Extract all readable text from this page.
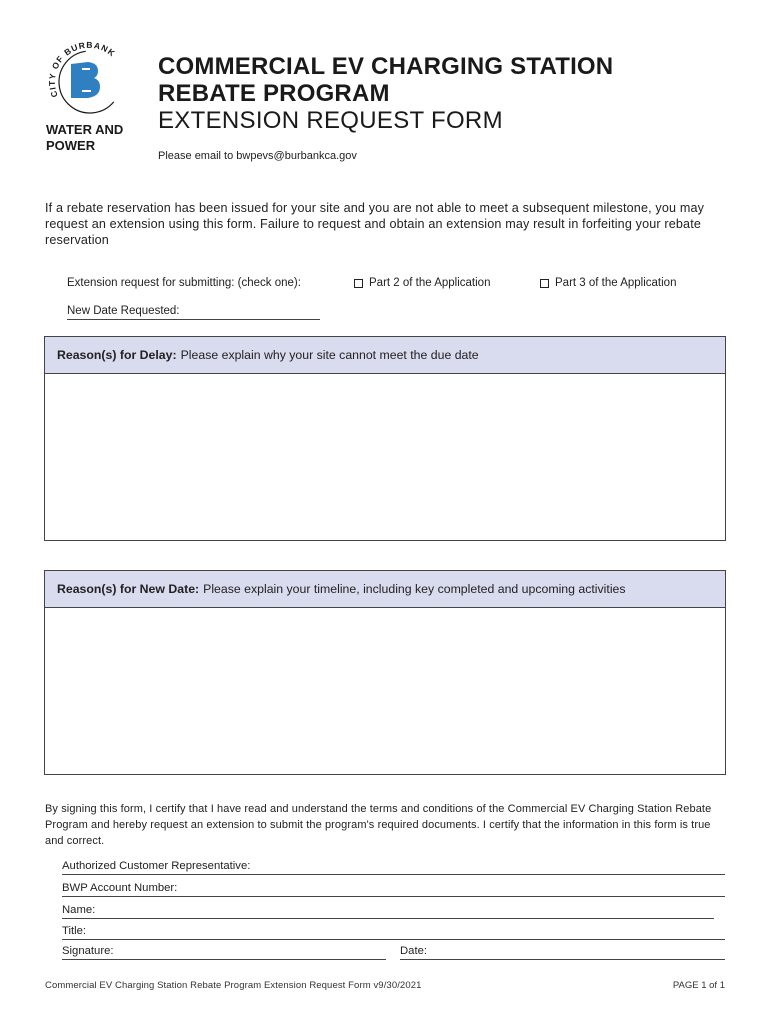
CITY OF BURBANK
WATER AND
POWER
COMMERCIAL EV CHARGING STATION
REBATE PROGRAM
EXTENSION REQUEST FORM
Please email to bwpevs@burbankca.gov
If a rebate reservation has been issued for your site and you are not able to meet a subsequent milestone, you may request an extension using this form. Failure to request and obtain an extension may result in forfeiting your rebate reservation
Extension request for submitting: (check one):	Part 2 of the Application	Part 3 of the Application
New Date Requested:
Reason(s) for Delay: Please explain why your site cannot meet the due date
Reason(s) for New Date: Please explain your timeline, including key completed and upcoming activities
By signing this form, I certify that I have read and understand the terms and conditions of the Commercial EV Charging Station Rebate Program and hereby request an extension to submit the program's required documents. I certify that the information in this form is true and correct.
Authorized Customer Representative:
BWP Account Number:
Name:
Title:
Signature:	Date:
Commercial EV Charging Station Rebate Program Extension Request Form v9/30/2021	PAGE 1 of 1
